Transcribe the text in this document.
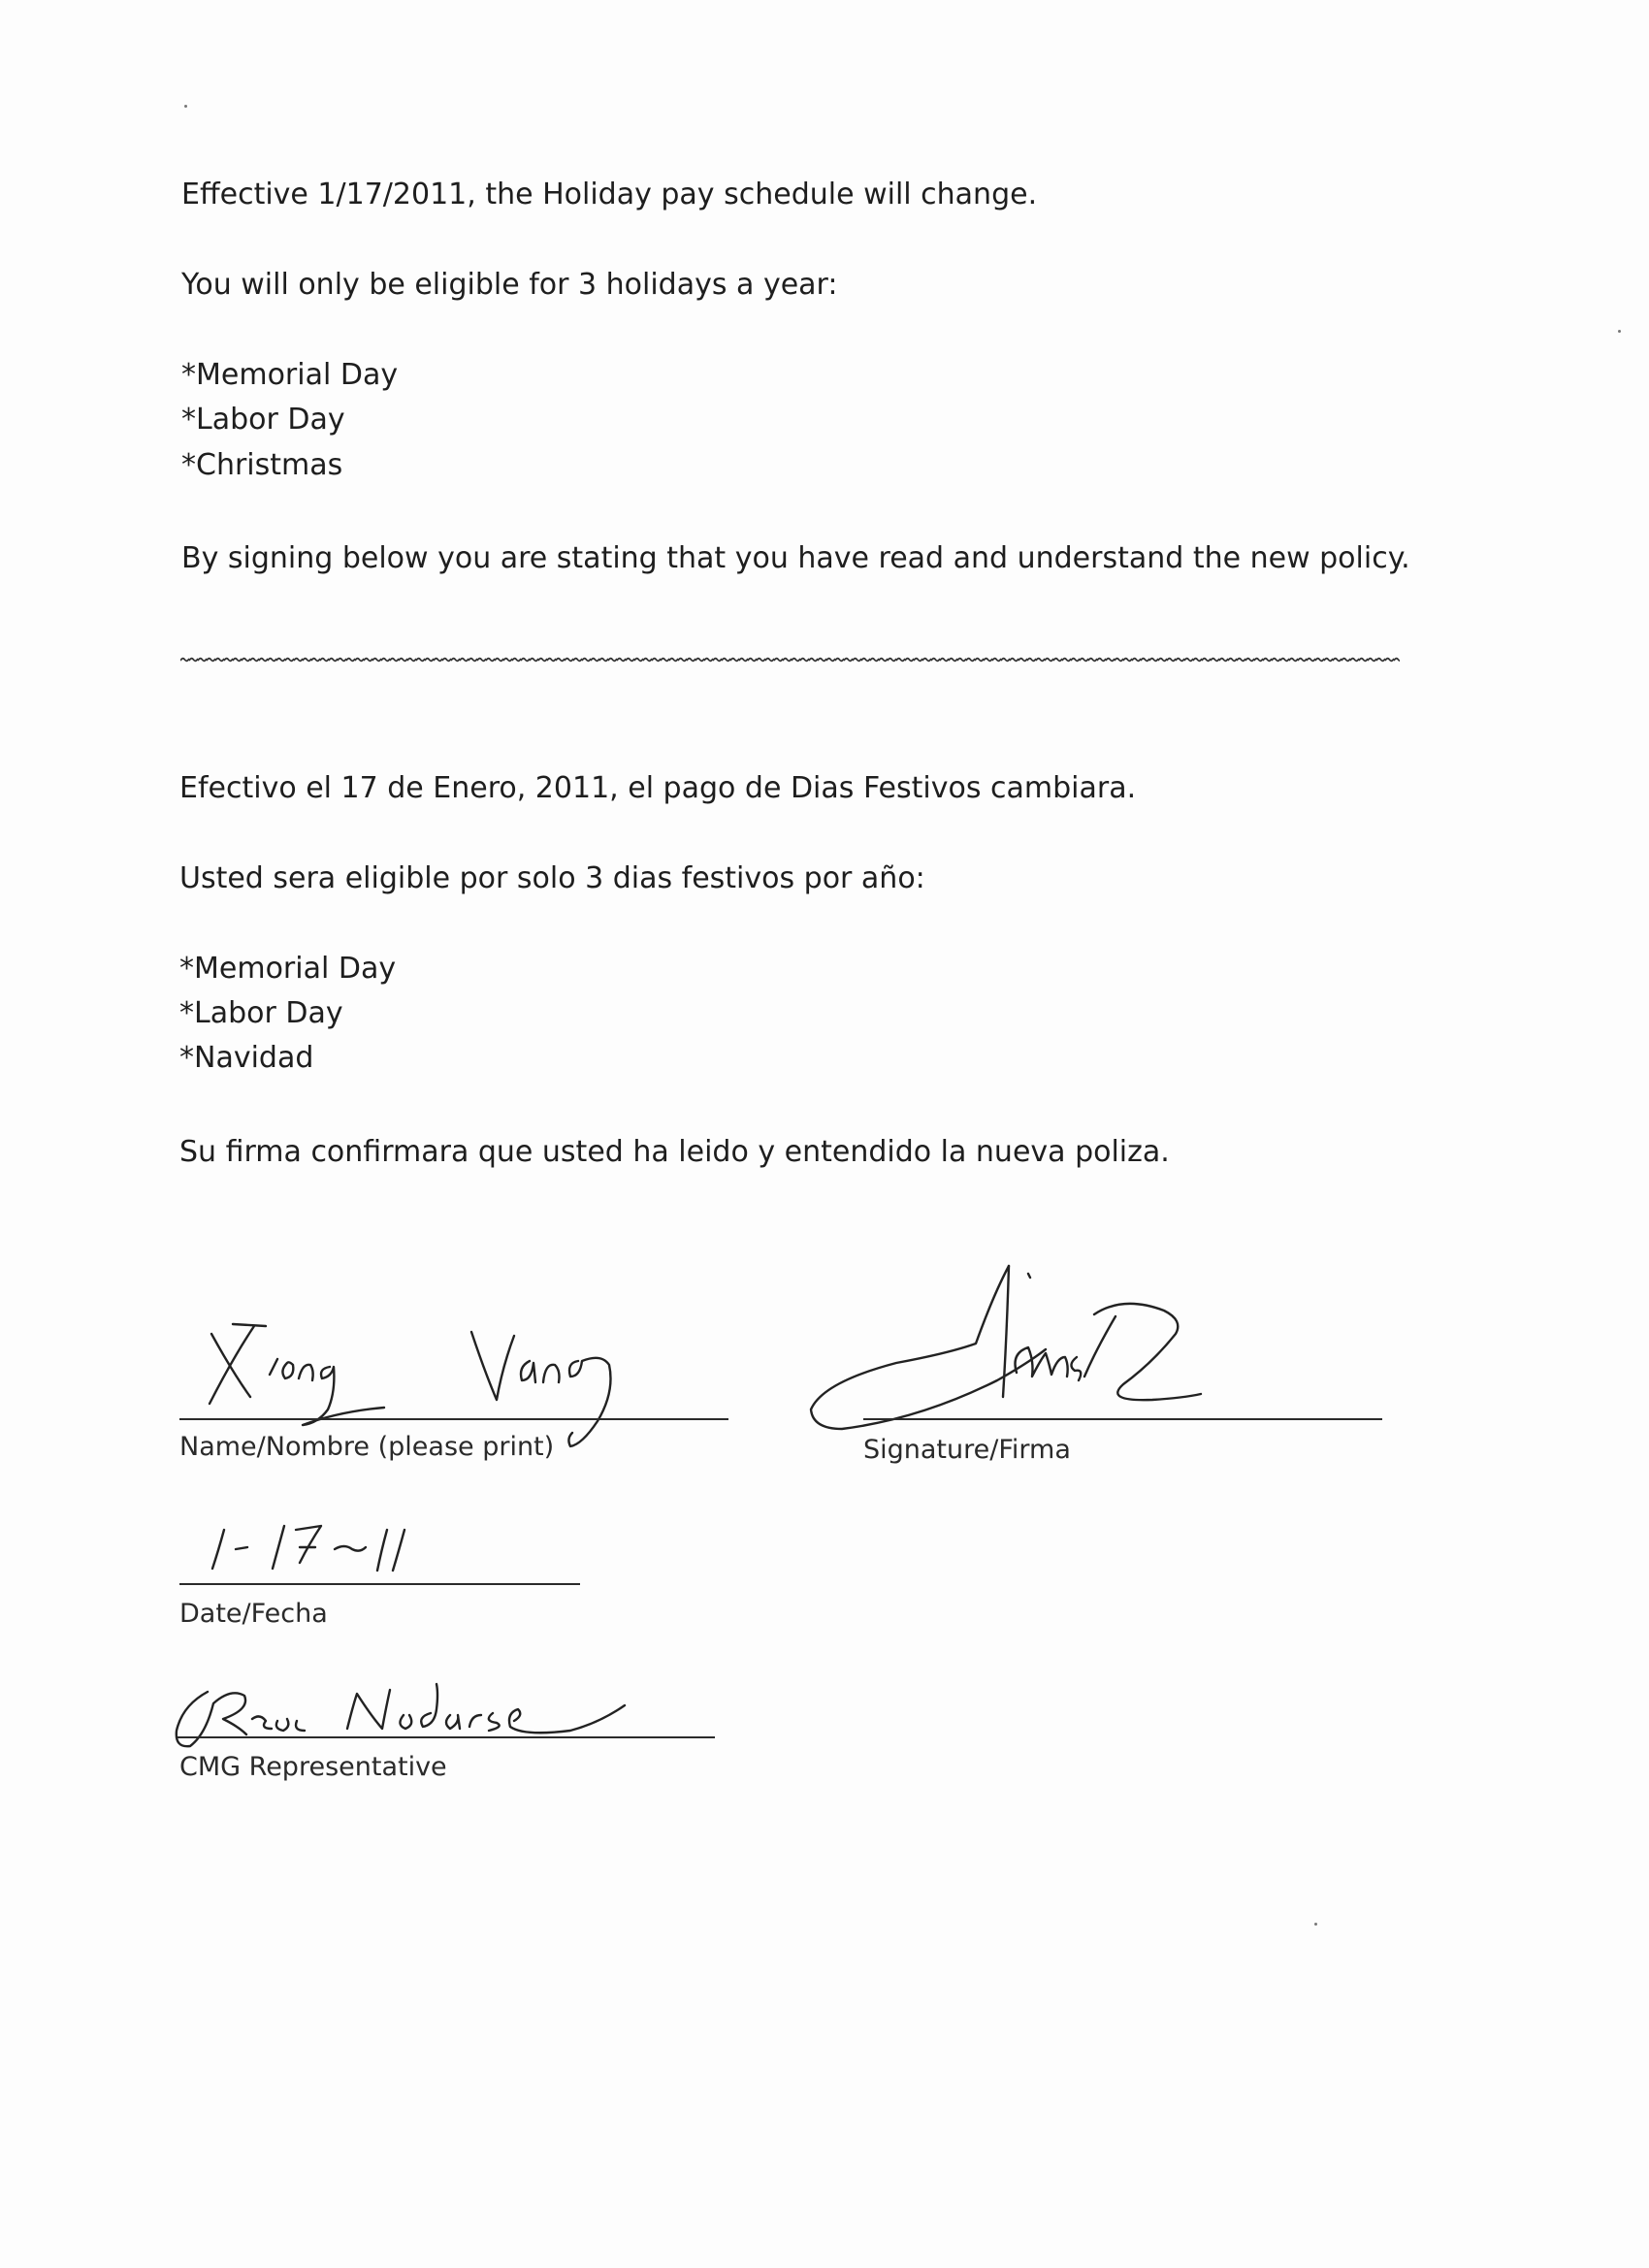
Effective 1/17/2011, the Holiday pay schedule will change.
You will only be eligible for 3 holidays a year:
*Memorial Day
*Labor Day
*Christmas
By signing below you are stating that you have read and understand the new policy.
Efectivo el 17 de Enero, 2011, el pago de Dias Festivos cambiara.
Usted sera eligible por solo 3 dias festivos por año:
*Memorial Day
*Labor Day
*Navidad
Su firma confirmara que usted ha leido y entendido la nueva poliza.
Name/Nombre (please print)	Signature/Firma
Date/Fecha
CMG Representative
